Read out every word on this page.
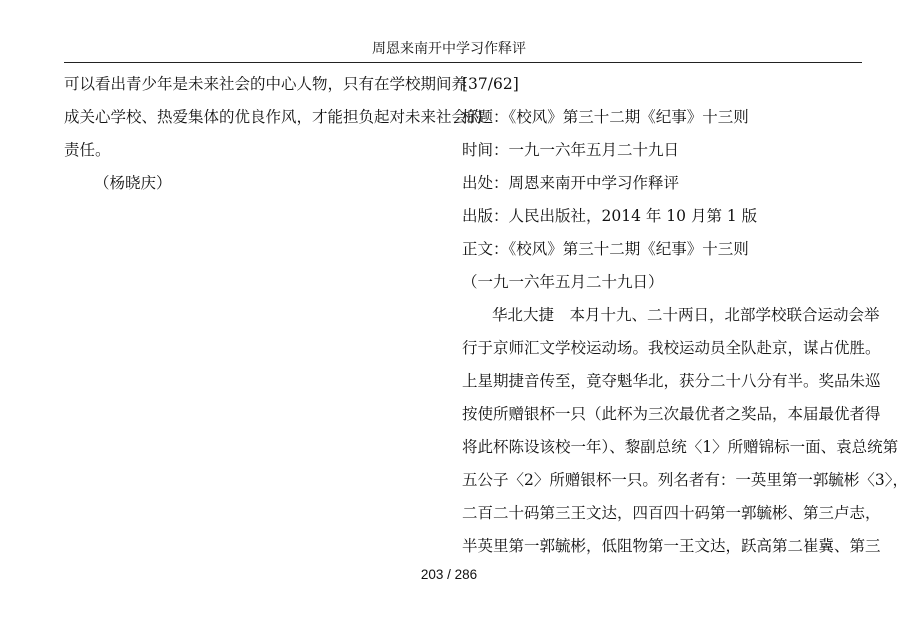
周恩来南开中学习作释评
可以看出青少年是未来社会的中心人物，只有在学校期间养
成关心学校、热爱集体的优良作风，才能担负起对未来社会的
责任。
（杨晓庆）
[37/62]
标题：《校风》第三十二期《纪事》十三则
时间：一九一六年五月二十九日
出处：周恩来南开中学习作释评
出版：人民出版社，2014 年 10 月第 1 版
正文：《校风》第三十二期《纪事》十三则
（一九一六年五月二十九日）
华北大捷　本月十九、二十两日，北部学校联合运动会举
行于京师汇文学校运动场。我校运动员全队赴京，谋占优胜。
上星期捷音传至，竟夺魁华北，获分二十八分有半。奖品朱巡
按使所赠银杯一只（此杯为三次最优者之奖品，本届最优者得
将此杯陈设该校一年）、黎副总统〈1〉所赠锦标一面、袁总统第
五公子〈2〉所赠银杯一只。列名者有：一英里第一郭毓彬〈3〉，
二百二十码第三王文达，四百四十码第一郭毓彬、第三卢志，
半英里第一郭毓彬，低阻物第一王文达，跃高第二崔冀、第三
203 / 286
